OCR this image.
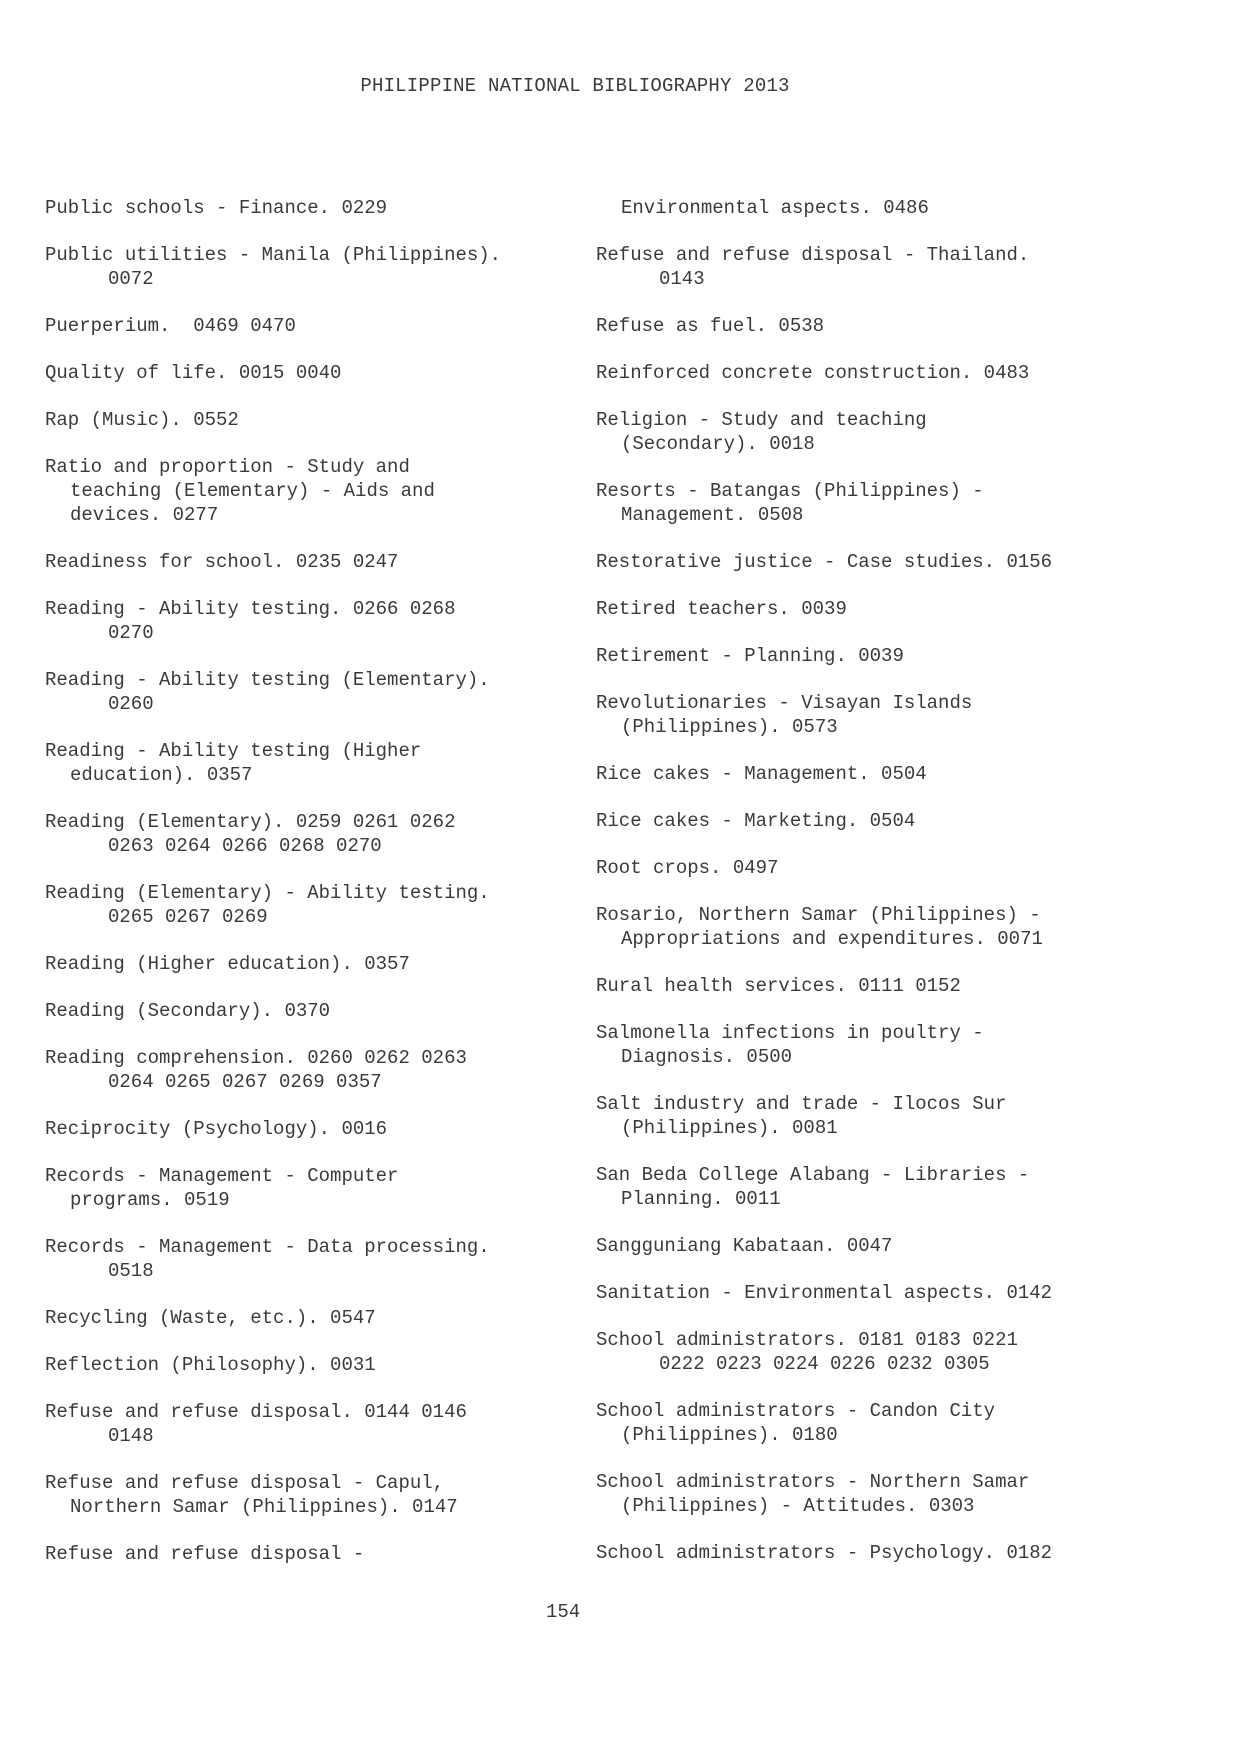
PHILIPPINE NATIONAL BIBLIOGRAPHY 2013
Public schools - Finance. 0229
Public utilities - Manila (Philippines).
0072
Puerperium.  0469 0470
Quality of life. 0015 0040
Rap (Music). 0552
Ratio and proportion - Study and
teaching (Elementary) - Aids and
devices. 0277
Readiness for school. 0235 0247
Reading - Ability testing. 0266 0268
0270
Reading - Ability testing (Elementary).
0260
Reading - Ability testing (Higher
education). 0357
Reading (Elementary). 0259 0261 0262
0263 0264 0266 0268 0270
Reading (Elementary) - Ability testing.
0265 0267 0269
Reading (Higher education). 0357
Reading (Secondary). 0370
Reading comprehension. 0260 0262 0263
0264 0265 0267 0269 0357
Reciprocity (Psychology). 0016
Records - Management - Computer
programs. 0519
Records - Management - Data processing.
0518
Recycling (Waste, etc.). 0547
Reflection (Philosophy). 0031
Refuse and refuse disposal. 0144 0146
0148
Refuse and refuse disposal - Capul,
Northern Samar (Philippines). 0147
Refuse and refuse disposal -
Environmental aspects. 0486
Refuse and refuse disposal - Thailand.
0143
Refuse as fuel. 0538
Reinforced concrete construction. 0483
Religion - Study and teaching
(Secondary). 0018
Resorts - Batangas (Philippines) -
Management. 0508
Restorative justice - Case studies. 0156
Retired teachers. 0039
Retirement - Planning. 0039
Revolutionaries - Visayan Islands
(Philippines). 0573
Rice cakes - Management. 0504
Rice cakes - Marketing. 0504
Root crops. 0497
Rosario, Northern Samar (Philippines) -
Appropriations and expenditures. 0071
Rural health services. 0111 0152
Salmonella infections in poultry -
Diagnosis. 0500
Salt industry and trade - Ilocos Sur
(Philippines). 0081
San Beda College Alabang - Libraries -
Planning. 0011
Sangguniang Kabataan. 0047
Sanitation - Environmental aspects. 0142
School administrators. 0181 0183 0221
0222 0223 0224 0226 0232 0305
School administrators - Candon City
(Philippines). 0180
School administrators - Northern Samar
(Philippines) - Attitudes. 0303
School administrators - Psychology. 0182
154
